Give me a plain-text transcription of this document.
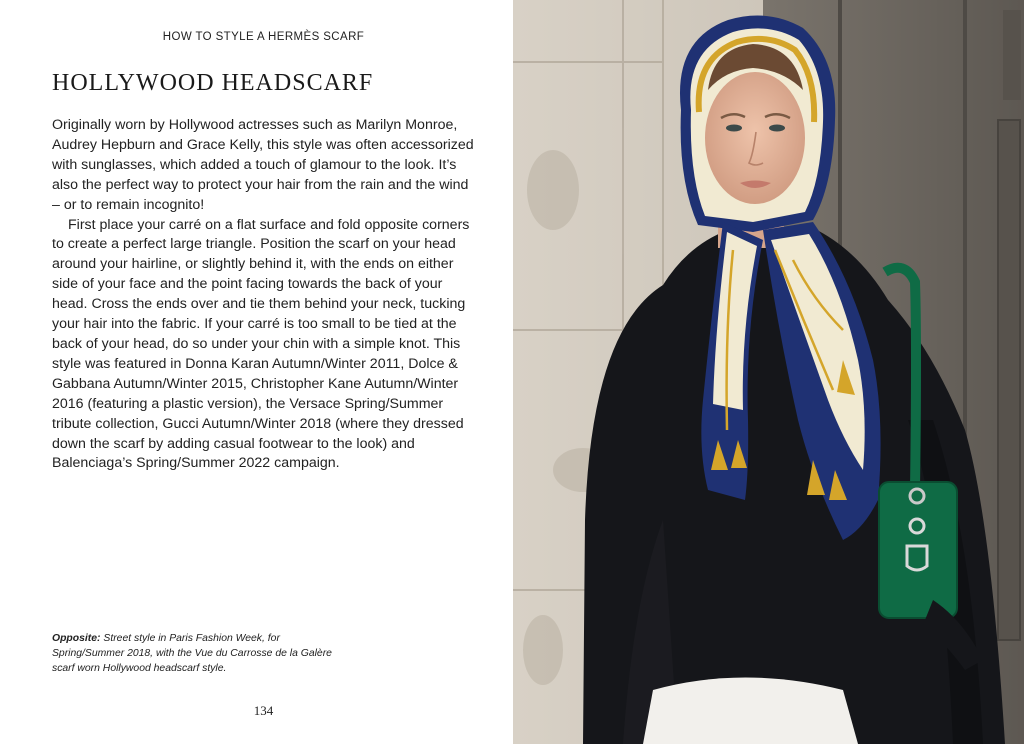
HOW TO STYLE A HERMÈS SCARF
HOLLYWOOD HEADSCARF

Originally worn by Hollywood actresses such as Marilyn Monroe, Audrey Hepburn and Grace Kelly, this style was often accessorized with sunglasses, which added a touch of glamour to the look. It’s also the perfect way to protect your hair from the rain and the wind – or to remain incognito!

First place your carré on a flat surface and fold opposite corners to create a perfect large triangle. Position the scarf on your head around your hairline, or slightly behind it, with the ends on either side of your face and the point facing towards the back of your head. Cross the ends over and tie them behind your neck, tucking your hair into the fabric. If your carré is too small to be tied at the back of your head, do so under your chin with a simple knot. This style was featured in Donna Karan Autumn/Winter 2011, Dolce & Gabbana Autumn/Winter 2015, Christopher Kane Autumn/Winter 2016 (featuring a plastic version), the Versace Spring/Summer tribute collection, Gucci Autumn/Winter 2018 (where they dressed down the scarf by adding casual footwear to the look) and Balenciaga’s Spring/Summer 2022 campaign.

Opposite: Street style in Paris Fashion Week, for Spring/Summer 2018, with the Vue du Carrosse de la Galère scarf worn Hollywood headscarf style.
134
